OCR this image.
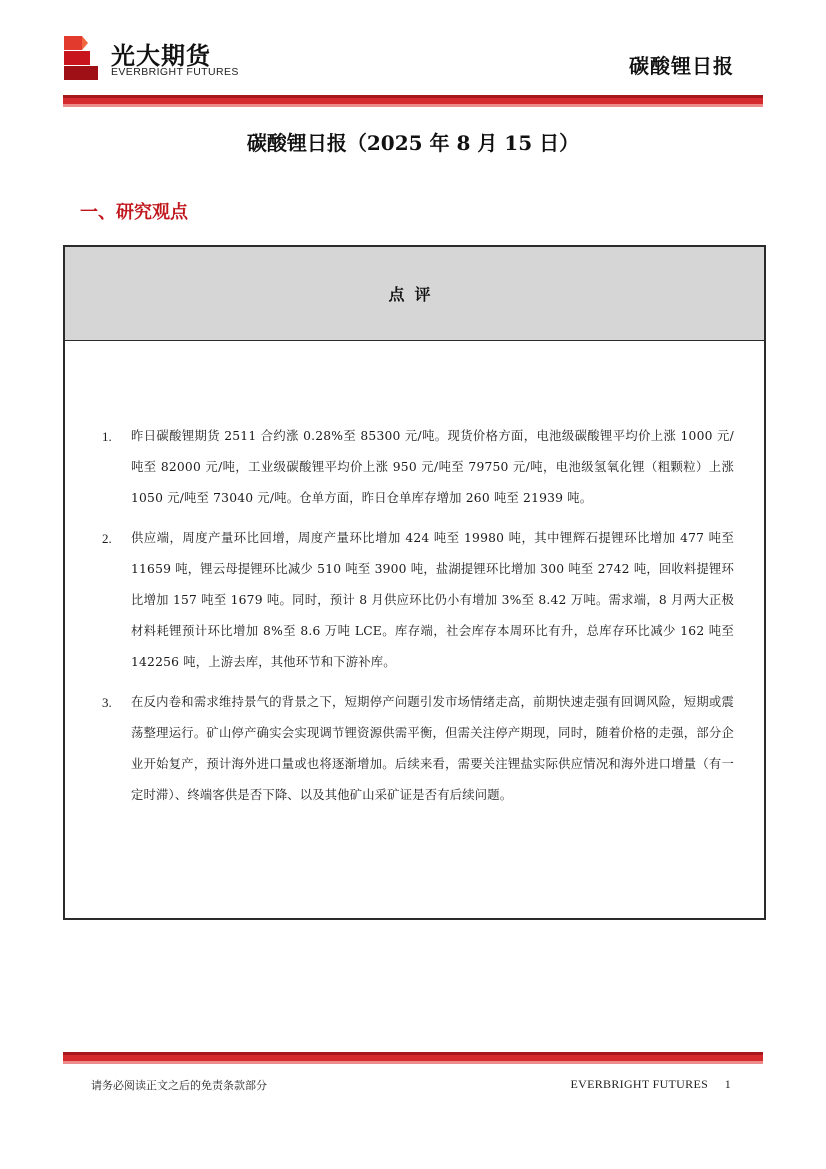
光大期货
EVERBRIGHT FUTURES	碳酸锂日报
碳酸锂日报（2025 年 8 月 15 日）
一、研究观点
点评
1. 昨日碳酸锂期货 2511 合约涨 0.28%至 85300 元/吨。现货价格方面，电池级碳酸锂平均价上涨 1000 元/吨至 82000 元/吨，工业级碳酸锂平均价上涨 950 元/吨至 79750 元/吨，电池级氢氧化锂（粗颗粒）上涨 1050 元/吨至 73040 元/吨。仓单方面，昨日仓单库存增加 260 吨至 21939 吨。
2. 供应端，周度产量环比回增，周度产量环比增加 424 吨至 19980 吨，其中锂辉石提锂环比增加 477 吨至 11659 吨，锂云母提锂环比减少 510 吨至 3900 吨，盐湖提锂环比增加 300 吨至 2742 吨，回收料提锂环比增加 157 吨至 1679 吨。同时，预计 8 月供应环比仍小有增加 3%至 8.42 万吨。需求端，8 月两大正极材料耗锂预计环比增加 8%至 8.6 万吨 LCE。库存端，社会库存本周环比有升，总库存环比减少 162 吨至 142256 吨，上游去库，其他环节和下游补库。
3. 在反内卷和需求维持景气的背景之下，短期停产问题引发市场情绪走高，前期快速走强有回调风险，短期或震荡整理运行。矿山停产确实会实现调节锂资源供需平衡，但需关注停产期现，同时，随着价格的走强，部分企业开始复产，预计海外进口量或也将逐渐增加。后续来看，需要关注锂盐实际供应情况和海外进口增量（有一定时滞）、终端客供是否下降、以及其他矿山采矿证是否有后续问题。
请务必阅读正文之后的免责条款部分	EVERBRIGHT FUTURES 1
